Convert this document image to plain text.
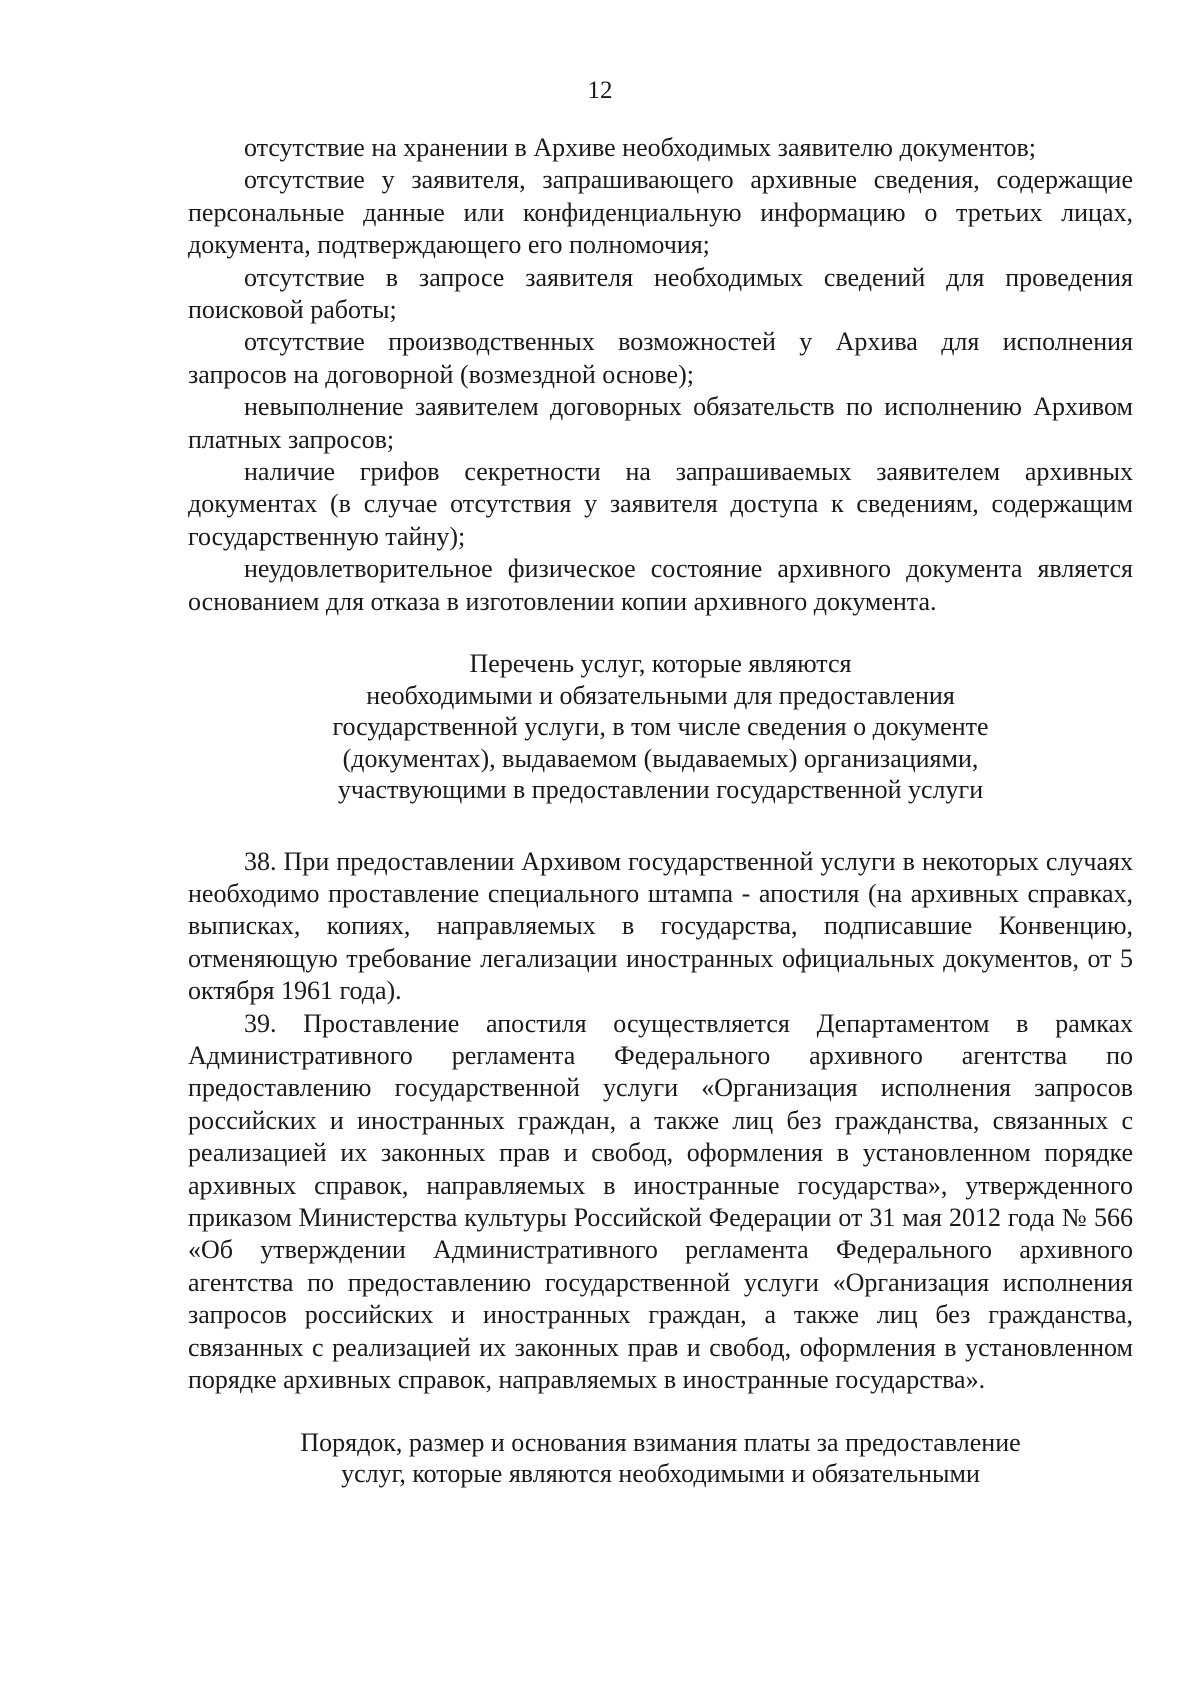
12

отсутствие на хранении в Архиве необходимых заявителю документов;

отсутствие у заявителя, запрашивающего архивные сведения, содержащие персональные данные или конфиденциальную информацию о третьих лицах, документа, подтверждающего его полномочия;

отсутствие в запросе заявителя необходимых сведений для проведения поисковой работы;

отсутствие производственных возможностей у Архива для исполнения запросов на договорной (возмездной основе);

невыполнение заявителем договорных обязательств по исполнению Архивом платных запросов;

наличие грифов секретности на запрашиваемых заявителем архивных документах (в случае отсутствия у заявителя доступа к сведениям, содержащим государственную тайну);

неудовлетворительное физическое состояние архивного документа является основанием для отказа в изготовлении копии архивного документа.

Перечень услуг, которые являются
необходимыми и обязательными для предоставления
государственной услуги, в том числе сведения о документе
(документах), выдаваемом (выдаваемых) организациями,
участвующими в предоставлении государственной услуги

38. При предоставлении Архивом государственной услуги в некоторых случаях необходимо проставление специального штампа - апостиля (на архивных справках, выписках, копиях, направляемых в государства, подписавшие Конвенцию, отменяющую требование легализации иностранных официальных документов, от 5 октября 1961 года).

39. Проставление апостиля осуществляется Департаментом в рамках Административного регламента Федерального архивного агентства по предоставлению государственной услуги «Организация исполнения запросов российских и иностранных граждан, а также лиц без гражданства, связанных с реализацией их законных прав и свобод, оформления в установленном порядке архивных справок, направляемых в иностранные государства», утвержденного приказом Министерства культуры Российской Федерации от 31 мая 2012 года № 566 «Об утверждении Административного регламента Федерального архивного агентства по предоставлению государственной услуги «Организация исполнения запросов российских и иностранных граждан, а также лиц без гражданства, связанных с реализацией их законных прав и свобод, оформления в установленном порядке архивных справок, направляемых в иностранные государства».

Порядок, размер и основания взимания платы за предоставление
услуг, которые являются необходимыми и обязательными
